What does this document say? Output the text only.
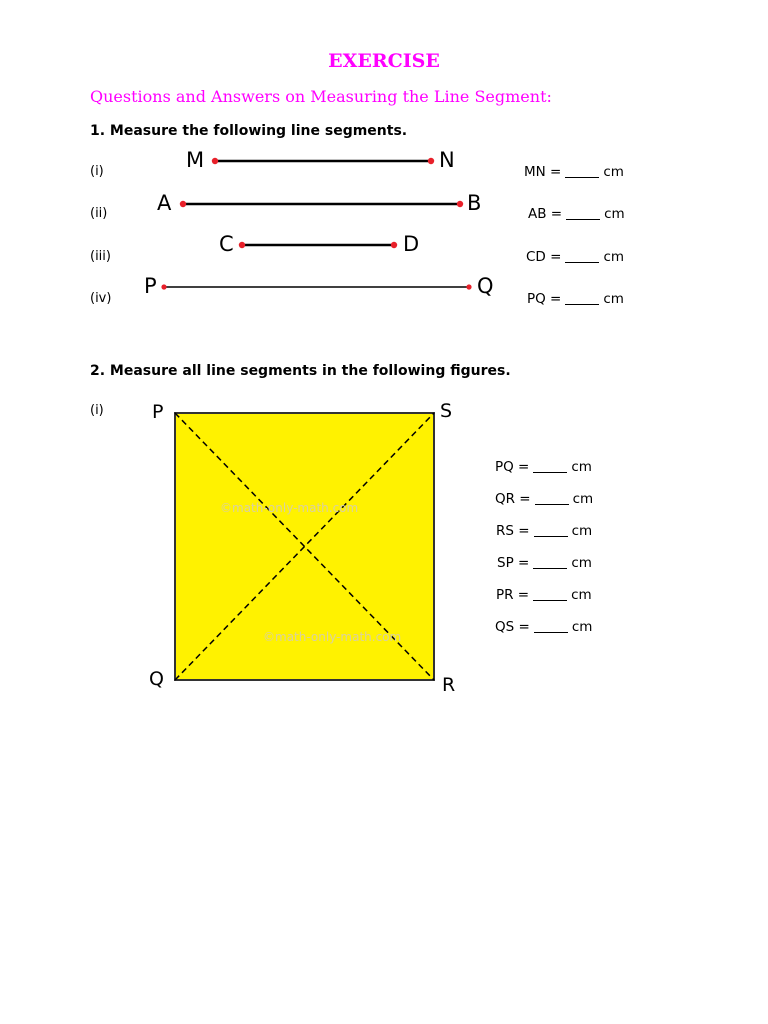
EXERCISE
Questions and Answers on Measuring the Line Segment:
1. Measure the following line segments.
(i)
(ii)
(iii)
(iv)
M	N
A	B
C	D
P	Q
MN =	cm
AB =	cm
CD =	cm
PQ =	cm
2. Measure all line segments in the following figures.
(i)
©math-only-math.com
©math-only-math.com
P	S
Q	R
PQ =	cm
QR =	cm
RS =	cm
SP =	cm
PR =	cm
QS =	cm
